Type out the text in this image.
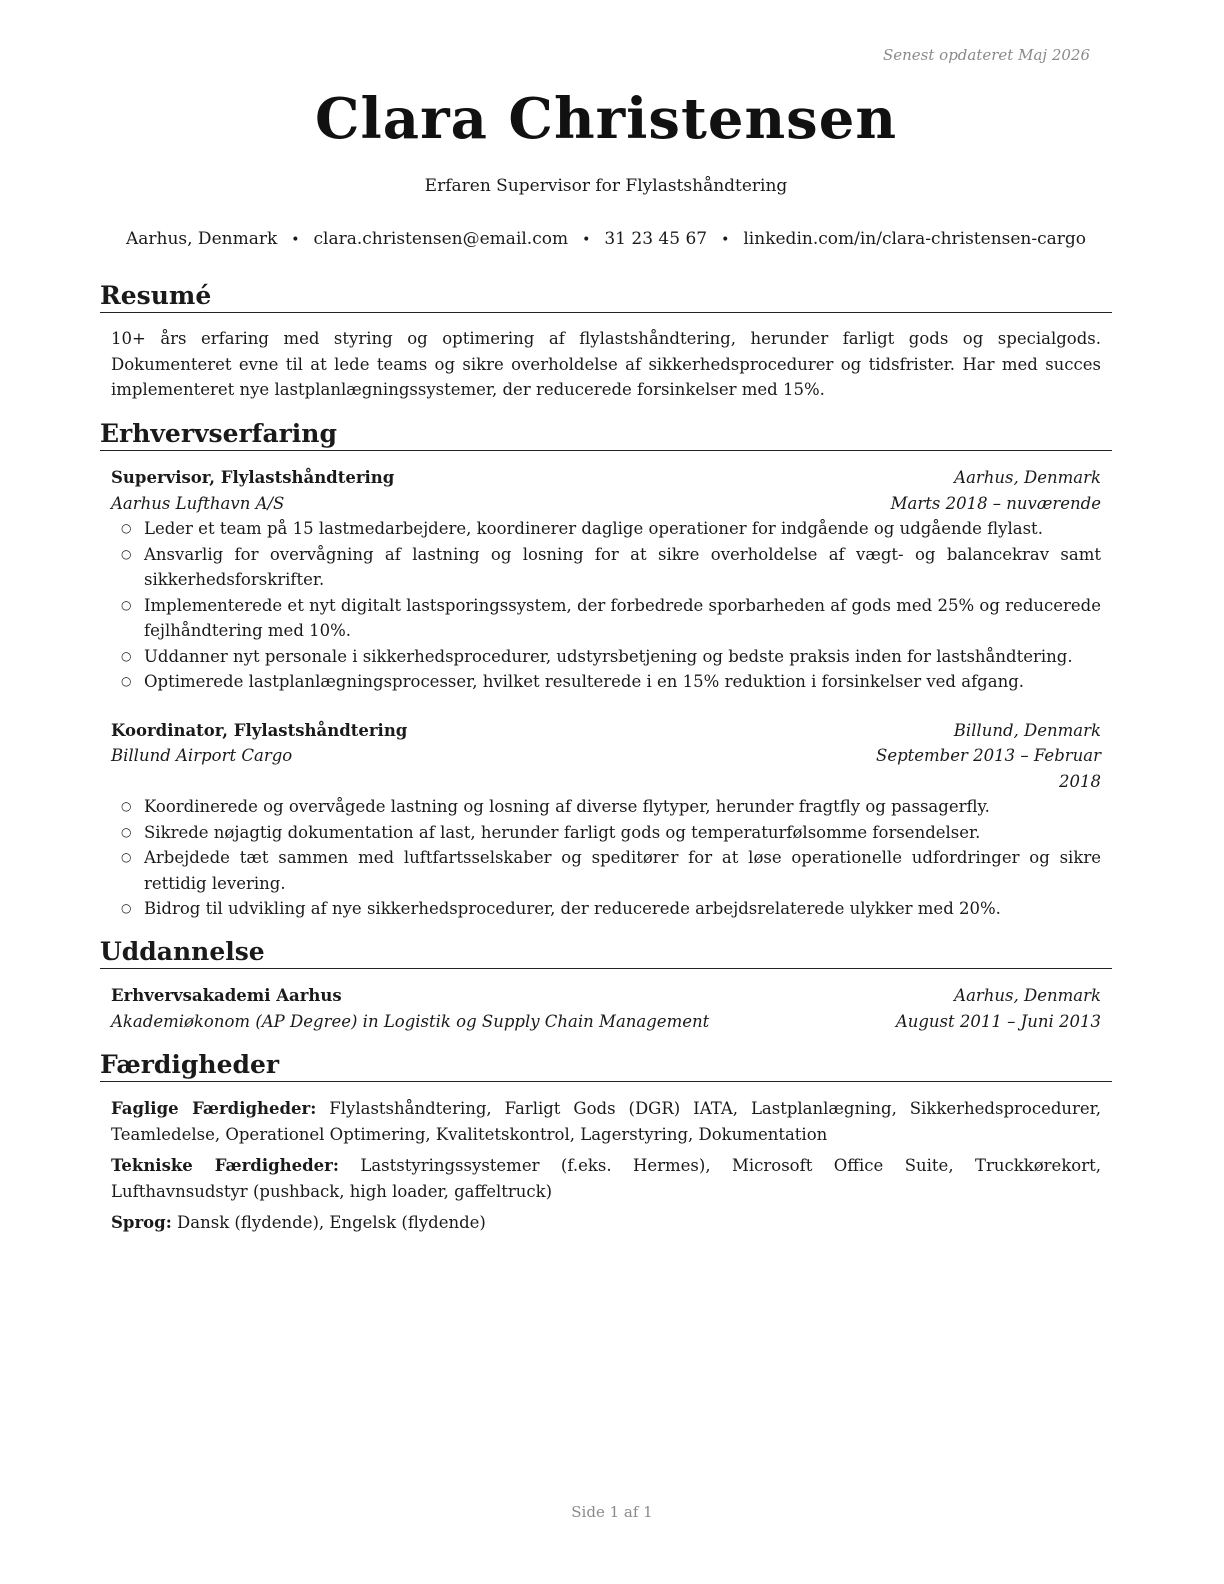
Senest opdateret Maj 2026
Clara Christensen
Erfaren Supervisor for Flylastshåndtering
Aarhus, Denmark • clara.christensen@email.com • 31 23 45 67 • linkedin.com/in/clara-christensen-cargo
Resumé
10+ års erfaring med styring og optimering af flylastshåndtering, herunder farligt gods og specialgods. Dokumenteret evne til at lede teams og sikre overholdelse af sikkerhedsprocedurer og tidsfrister. Har med succes implementeret nye lastplanlægningssystemer, der reducerede forsinkelser med 15%.
Erhvervserfaring
Supervisor, Flylastshåndtering	Aarhus, Denmark
Aarhus Lufthavn A/S	Marts 2018 – nuværende
○ Leder et team på 15 lastmedarbejdere, koordinerer daglige operationer for indgående og udgående flylast.
○ Ansvarlig for overvågning af lastning og losning for at sikre overholdelse af vægt- og balancekrav samt sikkerhedsforskrifter.
○ Implementerede et nyt digitalt lastsporingssystem, der forbedrede sporbarheden af gods med 25% og reducerede fejlhåndtering med 10%.
○ Uddanner nyt personale i sikkerhedsprocedurer, udstyrsbetjening og bedste praksis inden for lastshåndtering.
○ Optimerede lastplanlægningsprocesser, hvilket resulterede i en 15% reduktion i forsinkelser ved afgang.
Koordinator, Flylastshåndtering	Billund, Denmark
Billund Airport Cargo	September 2013 – Februar 2018
○ Koordinerede og overvågede lastning og losning af diverse flytyper, herunder fragtfly og passagerfly.
○ Sikrede nøjagtig dokumentation af last, herunder farligt gods og temperaturfølsomme forsendelser.
○ Arbejdede tæt sammen med luftfartsselskaber og speditører for at løse operationelle udfordringer og sikre rettidig levering.
○ Bidrog til udvikling af nye sikkerhedsprocedurer, der reducerede arbejdsrelaterede ulykker med 20%.
Uddannelse
Erhvervsakademi Aarhus	Aarhus, Denmark
Akademiøkonom (AP Degree) in Logistik og Supply Chain Management	August 2011 – Juni 2013
Færdigheder
Faglige Færdigheder: Flylastshåndtering, Farligt Gods (DGR) IATA, Lastplanlægning, Sikkerhedsprocedurer, Teamledelse, Operationel Optimering, Kvalitetskontrol, Lagerstyring, Dokumentation
Tekniske Færdigheder: Laststyringssystemer (f.eks. Hermes), Microsoft Office Suite, Truckkørekort, Lufthavnsudstyr (pushback, high loader, gaffeltruck)
Sprog: Dansk (flydende), Engelsk (flydende)
Side 1 af 1
